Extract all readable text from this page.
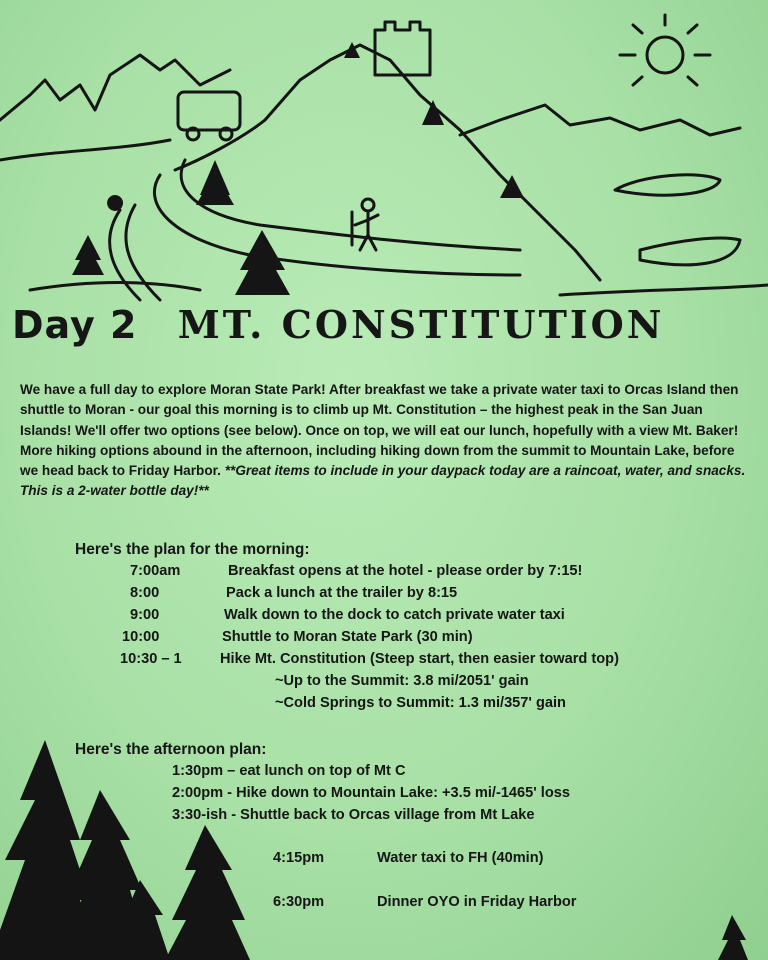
Day 2 MT. CONSTITUTION
We have a full day to explore Moran State Park! After breakfast we take a private water taxi to Orcas Island then shuttle to Moran - our goal this morning is to climb up Mt. Constitution – the highest peak in the San Juan Islands! We'll offer two options (see below). Once on top, we will eat our lunch, hopefully with a view Mt. Baker! More hiking options abound in the afternoon, including hiking down from the summit to Mountain Lake, before we head back to Friday Harbor. **Great items to include in your daypack today are a raincoat, water, and snacks. This is a 2-water bottle day!**
Here's the plan for the morning:
7:00am	Breakfast opens at the hotel - please order by 7:15!
8:00	Pack a lunch at the trailer by 8:15
9:00	Walk down to the dock to catch private water taxi
10:00	Shuttle to Moran State Park (30 min)
10:30 – 1	Hike Mt. Constitution (Steep start, then easier toward top)
~Up to the Summit: 3.8 mi/2051' gain
~Cold Springs to Summit: 1.3 mi/357' gain
Here's the afternoon plan:
1:30pm – eat lunch on top of Mt C
2:00pm - Hike down to Mountain Lake: +3.5 mi/-1465' loss
3:30-ish - Shuttle back to Orcas village from Mt Lake
4:15pm	Water taxi to FH (40min)
6:30pm	Dinner OYO in Friday Harbor
